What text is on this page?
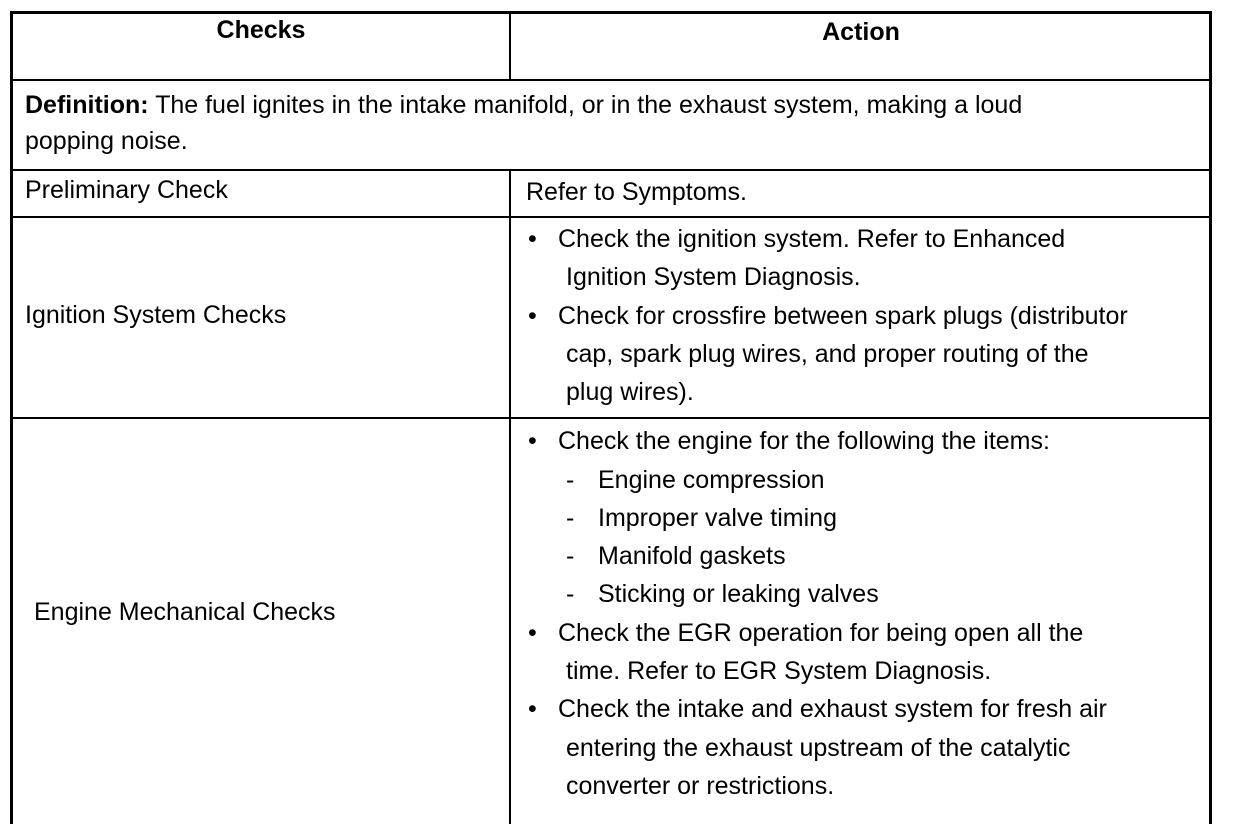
Checks	Action
Definition: The fuel ignites in the intake manifold, or in the exhaust system, making a loud
popping noise.
Preliminary Check	Refer to Symptoms.
Ignition System Checks
• Check the ignition system. Refer to Enhanced
Ignition System Diagnosis.
• Check for crossfire between spark plugs (distributor
cap, spark plug wires, and proper routing of the
plug wires).
Engine Mechanical Checks
• Check the engine for the following the items:
- Engine compression
- Improper valve timing
- Manifold gaskets
- Sticking or leaking valves
• Check the EGR operation for being open all the
time. Refer to EGR System Diagnosis.
• Check the intake and exhaust system for fresh air
entering the exhaust upstream of the catalytic
converter or restrictions.
